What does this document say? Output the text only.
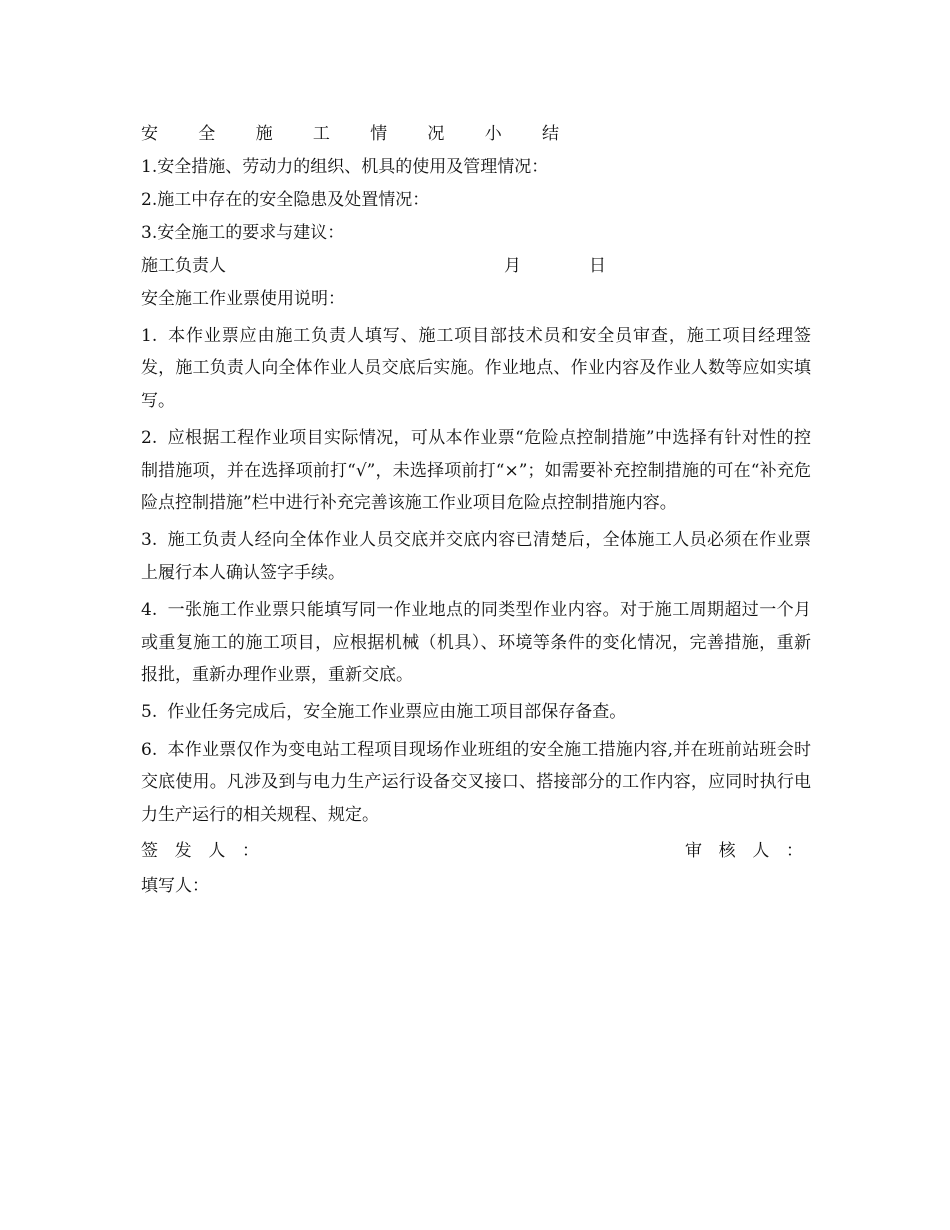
安 全 施 工 情 况 小 结
1.安全措施、劳动力的组织、机具的使用及管理情况：
2.施工中存在的安全隐患及处置情况：
3.安全施工的要求与建议：
施工负责人	月	日
安全施工作业票使用说明：
1. 本作业票应由施工负责人填写、施工项目部技术员和安全员审查，施工项目经理签发，施工负责人向全体作业人员交底后实施。作业地点、作业内容及作业人数等应如实填写。
2. 应根据工程作业项目实际情况，可从本作业票“危险点控制措施”中选择有针对性的控制措施项，并在选择项前打“√”，未选择项前打“×”；如需要补充控制措施的可在“补充危险点控制措施”栏中进行补充完善该施工作业项目危险点控制措施内容。
3. 施工负责人经向全体作业人员交底并交底内容已清楚后，全体施工人员必须在作业票上履行本人确认签字手续。
4. 一张施工作业票只能填写同一作业地点的同类型作业内容。对于施工周期超过一个月或重复施工的施工项目，应根据机械（机具）、环境等条件的变化情况，完善措施，重新报批，重新办理作业票，重新交底。
5. 作业任务完成后，安全施工作业票应由施工项目部保存备查。
6. 本作业票仅作为变电站工程项目现场作业班组的安全施工措施内容,并在班前站班会时交底使用。凡涉及到与电力生产运行设备交叉接口、搭接部分的工作内容，应同时执行电力生产运行的相关规程、规定。
签 发 人 ：	审 核 人 ：
填写人：
